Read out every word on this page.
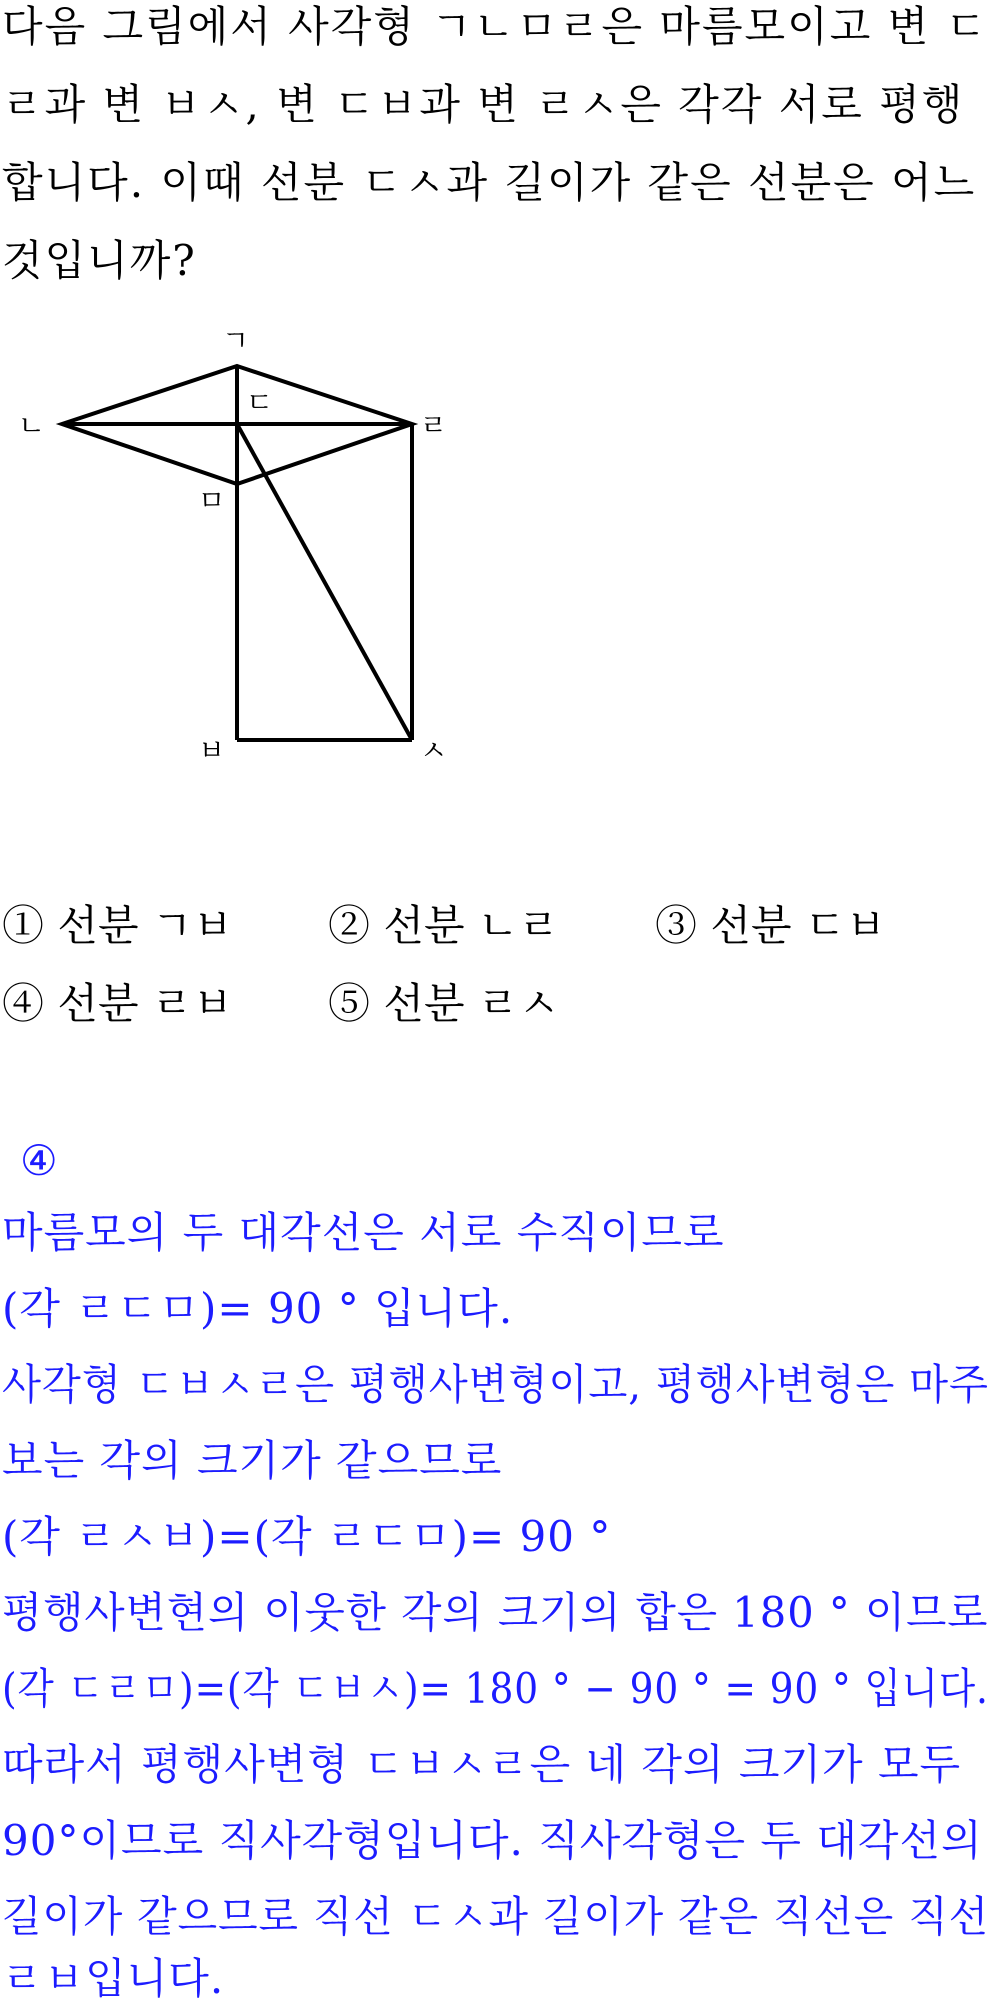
다음 그림에서 사각형 ㄱㄴㅁㄹ은 마름모이고 변 ㄷ
ㄹ과 변 ㅂㅅ, 변 ㄷㅂ과 변 ㄹㅅ은 각각 서로 평행
합니다. 이때 선분 ㄷㅅ과 길이가 같은 선분은 어느
것입니까?
ㄱ
ㄴ
ㄷ
ㄹ
ㅁ
ㅂ	ㅅ
① 선분 ㄱㅂ ② 선분 ㄴㄹ ③ 선분 ㄷㅂ
④ 선분 ㄹㅂ ⑤ 선분 ㄹㅅ
④
마름모의 두 대각선은 서로 수직이므로
(각 ㄹㄷㅁ)= 90 ° 입니다.
사각형 ㄷㅂㅅㄹ은 평행사변형이고, 평행사변형은 마주
보는 각의 크기가 같으므로
(각 ㄹㅅㅂ)=(각 ㄹㄷㅁ)= 90 °
평행사변현의 이웃한 각의 크기의 합은 180 ° 이므로
(각 ㄷㄹㅁ)=(각 ㄷㅂㅅ)= 180 ° − 90 ° = 90 ° 입니다.
따라서 평행사변형 ㄷㅂㅅㄹ은 네 각의 크기가 모두
90°이므로 직사각형입니다. 직사각형은 두 대각선의
길이가 같으므로 직선 ㄷㅅ과 길이가 같은 직선은 직선
ㄹㅂ입니다.
